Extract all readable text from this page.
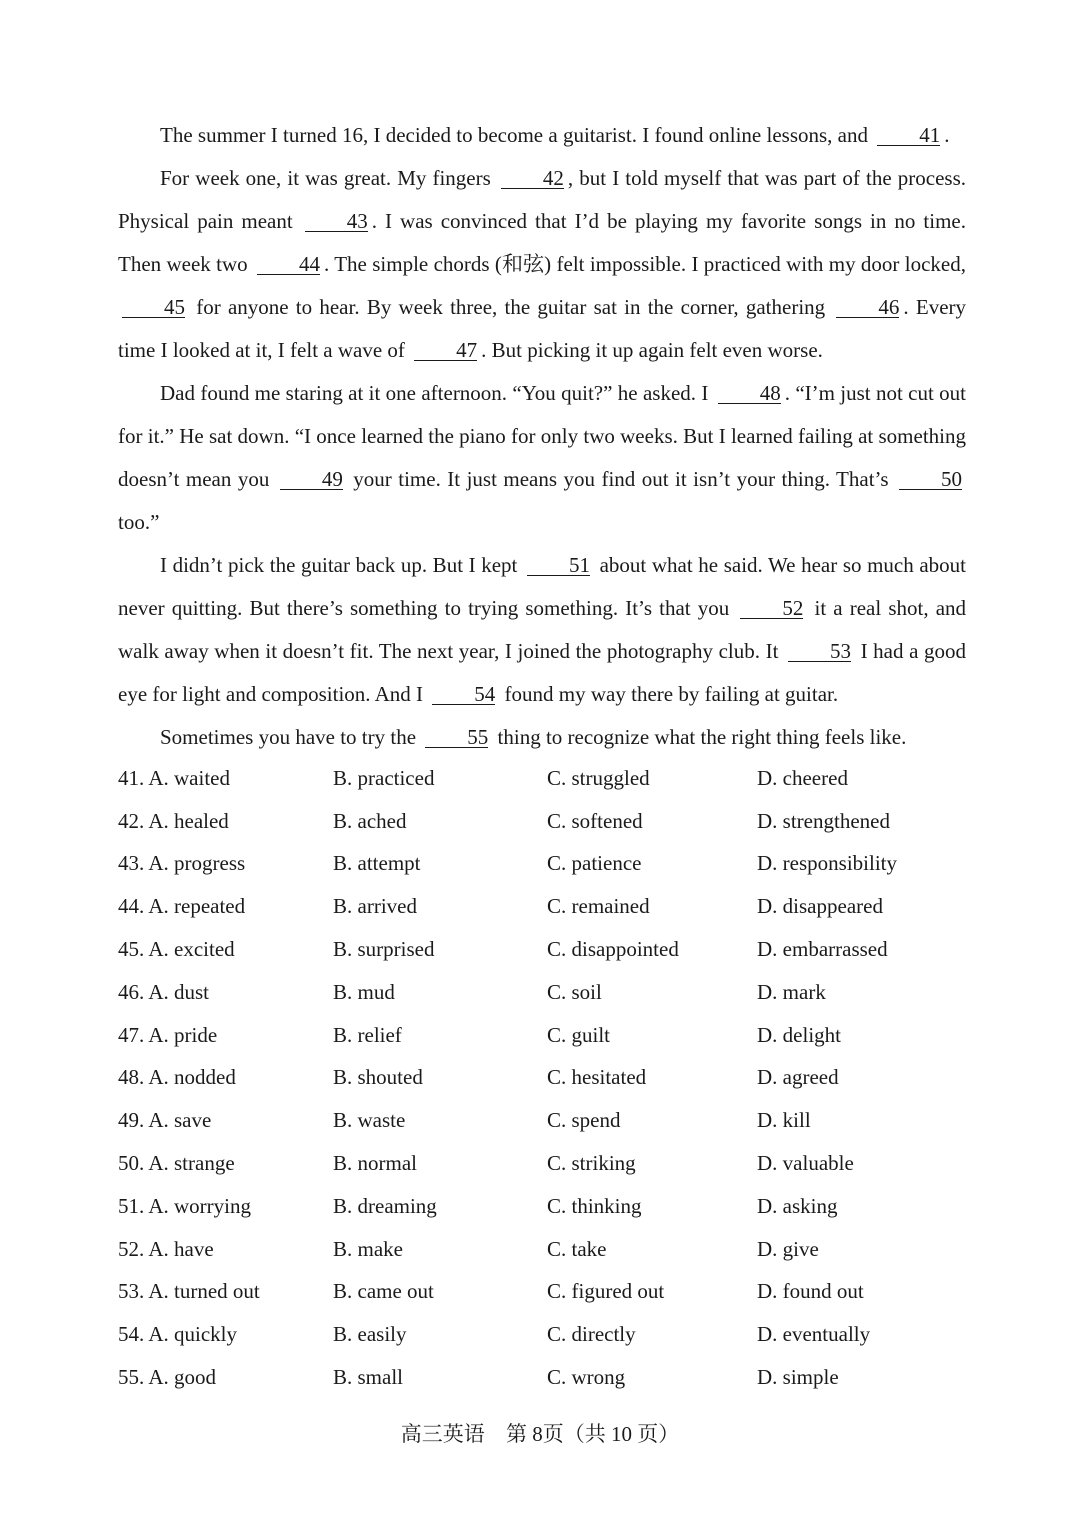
The summer I turned 16, I decided to become a guitarist. I found online lessons, and 41 .

For week one, it was great. My fingers 42 , but I told myself that was part of the process. Physical pain meant	43 . I was convinced that I’d be playing my favorite songs in no time. Then week two 44 . The simple chords (和弦) felt impossible. I practiced with my door locked, 45 for anyone to hear. By week three, the guitar sat in the corner, gathering	46 . Every time I looked at it, I felt a wave of 47 . But picking it up again felt even worse.

Dad found me staring at it one afternoon. “You quit?” he asked. I 48 . “I’m just not cut out for it.” He sat down. “I once learned the piano for only two weeks. But I learned failing at something doesn’t mean you 49 your time. It just means you find out it isn’t your thing. That’s 50 too.”

I didn’t pick the guitar back up. But I kept 51 about what he said. We hear so much about never quitting. But there’s something to trying something. It’s that you	52 it a real shot, and walk away when it doesn’t fit. The next year, I joined the photography club. It 53 I had a good eye for light and composition. And I 54 found my way there by failing at guitar.

Sometimes you have to try the 55 thing to recognize what the right thing feels like.

41. A. waited	B. practiced	C. struggled	D. cheered
42. A. healed	B. ached	C. softened	D. strengthened
43. A. progress	B. attempt	C. patience	D. responsibility
44. A. repeated	B. arrived	C. remained	D. disappeared
45. A. excited	B. surprised	C. disappointed	D. embarrassed
46. A. dust	B. mud	C. soil	D. mark
47. A. pride	B. relief	C. guilt	D. delight
48. A. nodded	B. shouted	C. hesitated	D. agreed
49. A. save	B. waste	C. spend	D. kill
50. A. strange	B. normal	C. striking	D. valuable
51. A. worrying	B. dreaming	C. thinking	D. asking
52. A. have	B. make	C. take	D. give
53. A. turned out	B. came out	C. figured out	D. found out
54. A. quickly	B. easily	C. directly	D. eventually
55. A. good	B. small	C. wrong	D. simple
高三英语 第 8页（共 10 页）
